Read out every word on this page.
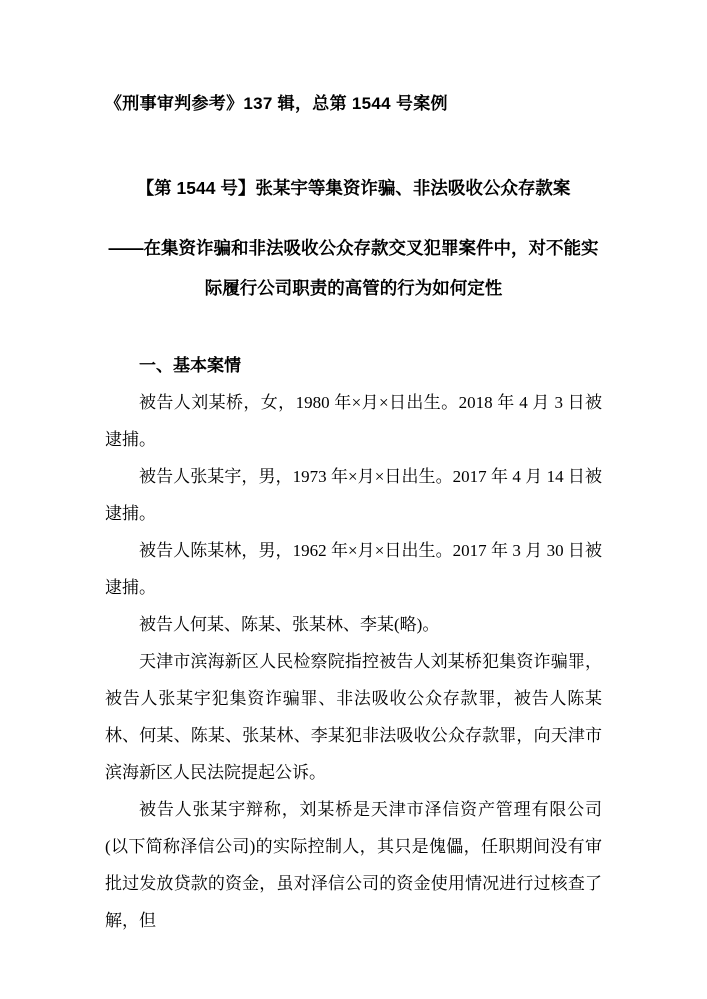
《刑事审判参考》137 辑，总第 1544 号案例
【第 1544 号】张某宇等集资诈骗、非法吸收公众存款案
——在集资诈骗和非法吸收公众存款交叉犯罪案件中，对不能实际履行公司职责的高管的行为如何定性
一、基本案情

被告人刘某桥，女，1980 年×月×日出生。2018 年 4 月 3 日被逮捕。

被告人张某宇，男，1973 年×月×日出生。2017 年 4 月 14 日被逮捕。

被告人陈某林，男，1962 年×月×日出生。2017 年 3 月 30 日被逮捕。

被告人何某、陈某、张某林、李某(略)。

天津市滨海新区人民检察院指控被告人刘某桥犯集资诈骗罪，被告人张某宇犯集资诈骗罪、非法吸收公众存款罪，被告人陈某林、何某、陈某、张某林、李某犯非法吸收公众存款罪，向天津市滨海新区人民法院提起公诉。

被告人张某宇辩称，刘某桥是天津市泽信资产管理有限公司(以下简称泽信公司)的实际控制人，其只是傀儡，任职期间没有审批过发放贷款的资金，虽对泽信公司的资金使用情况进行过核查了解，但
